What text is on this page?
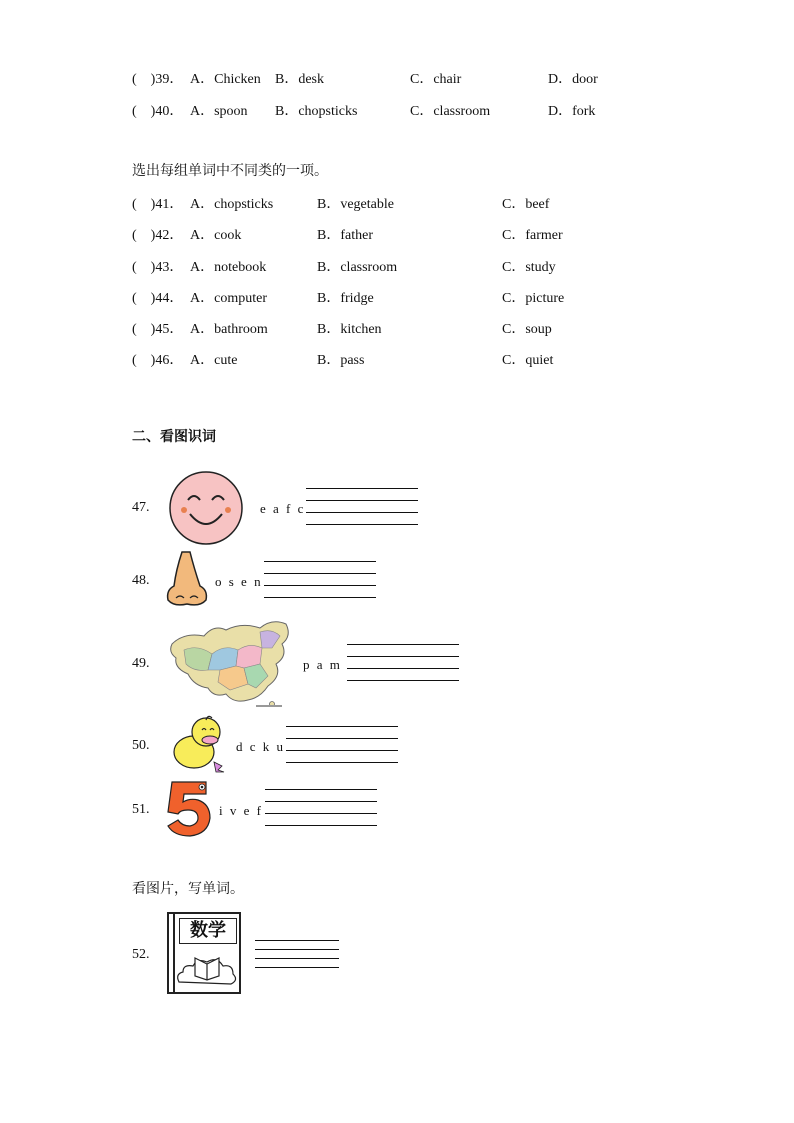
(　)39． A．Chicken B．desk	C．chair	D．door
(　)40． A．spoon B．chopsticks	C．classroom	D．fork
选出每组单词中不同类的一项。
(　)41． A．chopsticks	B．vegetable	C．beef
(　)42． A．cook	B．father	C．farmer
(　)43． A．notebook	B．classroom	C．study
(　)44． A．computer	B．fridge	C．picture
(　)45． A．bathroom	B．kitchen	C．soup
(　)46． A．cute	B．pass	C．quiet
二、看图识词
47.	e a f c
48.	o s e n
49.	p a m
50.	d c k u
51.	i v e f
看图片，写单词。
52.
数学
